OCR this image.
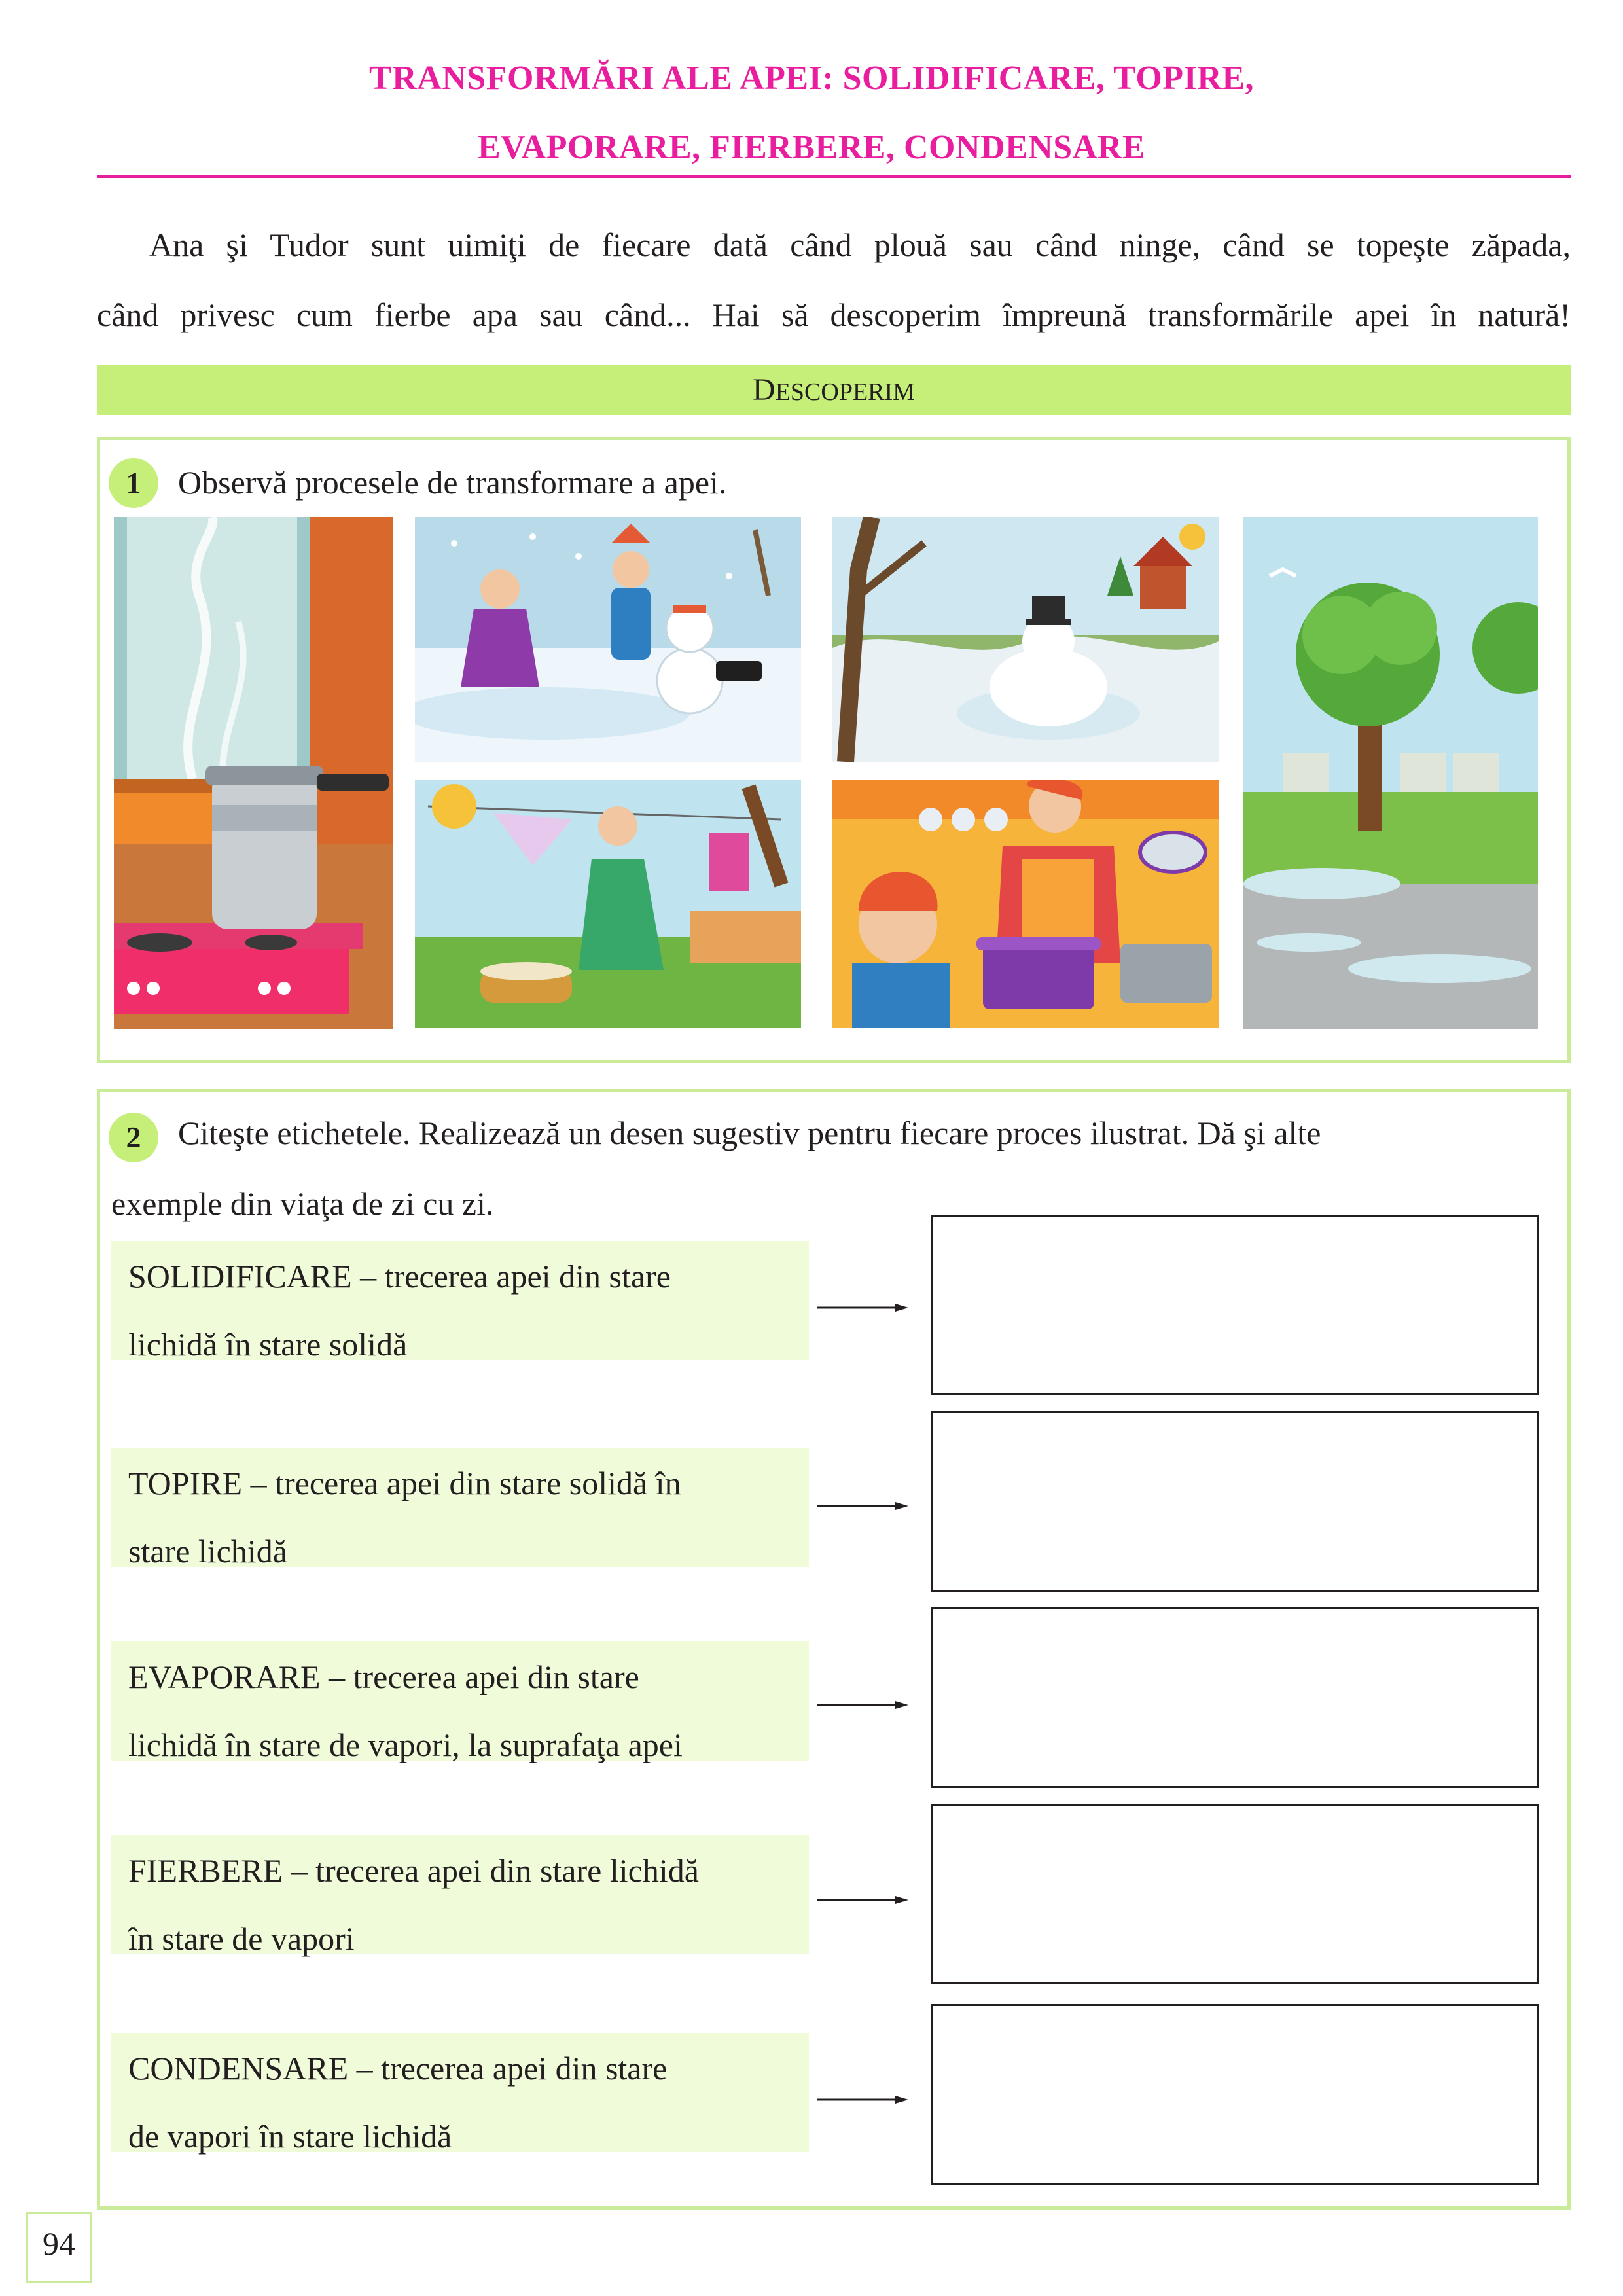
TRANSFORMĂRI ALE APEI: SOLIDIFICARE, TOPIRE,
EVAPORARE, FIERBERE, CONDENSARE
Ana şi Tudor sunt uimiţi de fiecare dată când plouă sau când ninge, când se topeşte zăpada,
când privesc cum fierbe apa sau când... Hai să descoperim împreună transformările apei în natură!
DESCOPERIM
1	Observă procesele de transformare a apei.
2	Citeşte etichetele. Realizează un desen sugestiv pentru fiecare proces ilustrat. Dă şi alte
exemple din viaţa de zi cu zi.
SOLIDIFICARE – trecerea apei din stare
lichidă în stare solidă
TOPIRE – trecerea apei din stare solidă în
stare lichidă
EVAPORARE – trecerea apei din stare
lichidă în stare de vapori, la suprafaţa apei
FIERBERE – trecerea apei din stare lichidă
în stare de vapori
CONDENSARE – trecerea apei din stare
de vapori în stare lichidă
94
